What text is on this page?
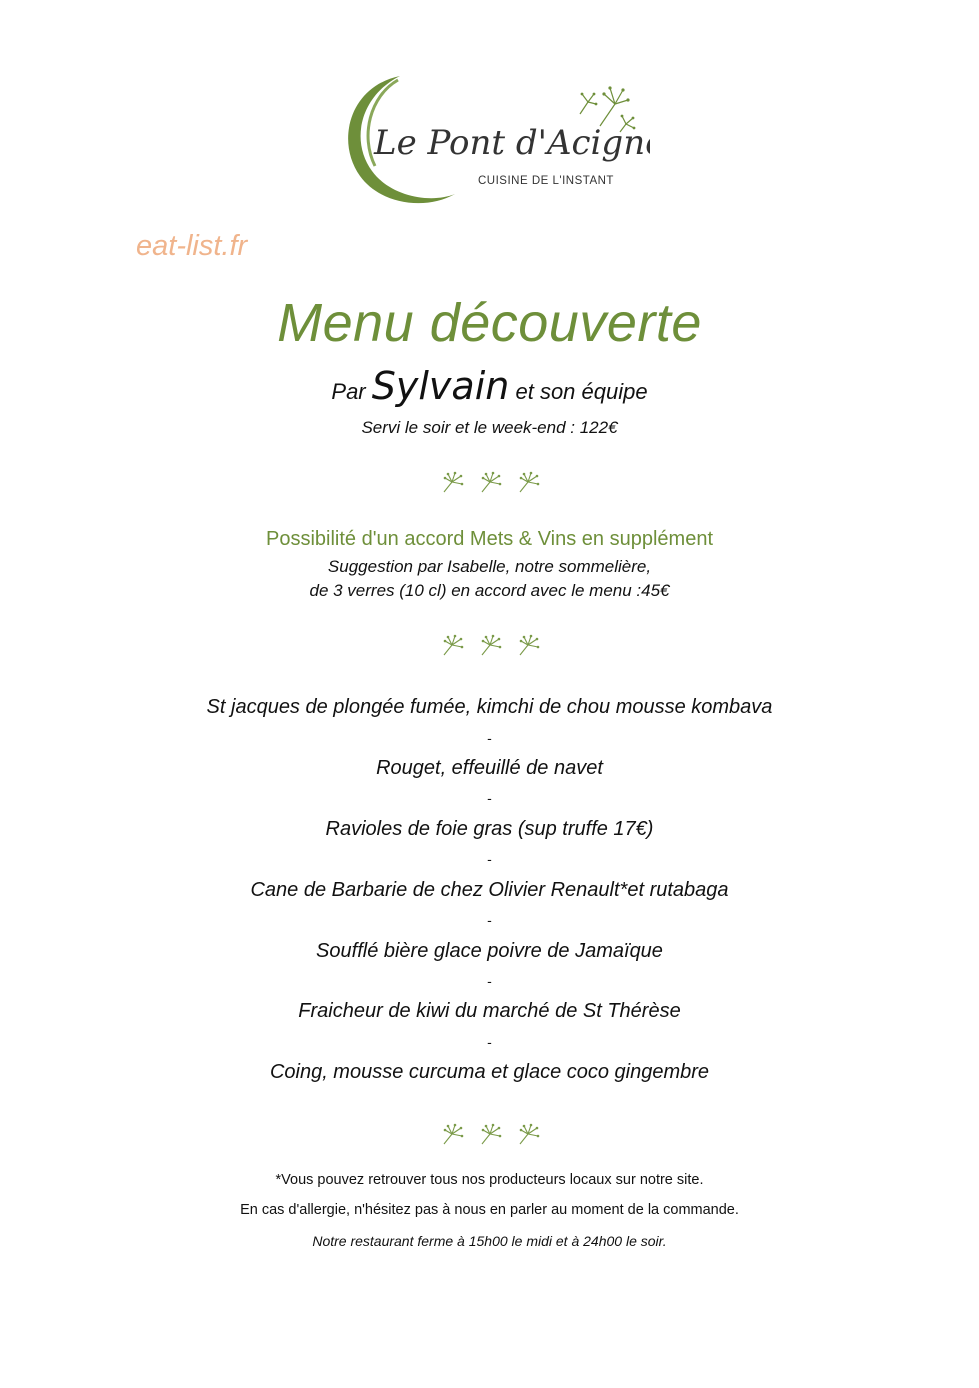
Le Pont d'Acigné
CUISINE DE L'INSTANT
eat-list.fr
Menu découverte
Par Sylvain et son équipe
Servi le soir et le week-end : 122€
Possibilité d'un accord Mets & Vins en supplément
Suggestion par Isabelle, notre sommelière,
de 3 verres (10 cl) en accord avec le menu :45€
St jacques de plongée fumée, kimchi de chou mousse kombava
-
Rouget, effeuillé de navet
-
Ravioles de foie gras (sup truffe 17€)
-
Cane de Barbarie de chez Olivier Renault*et rutabaga
-
Soufflé bière glace poivre de Jamaïque
-
Fraicheur de kiwi du marché de St Thérèse
-
Coing, mousse curcuma et glace coco gingembre
*Vous pouvez retrouver tous nos producteurs locaux sur notre site.
En cas d'allergie, n'hésitez pas à nous en parler au moment de la commande.
Notre restaurant ferme à 15h00 le midi et à 24h00 le soir.
